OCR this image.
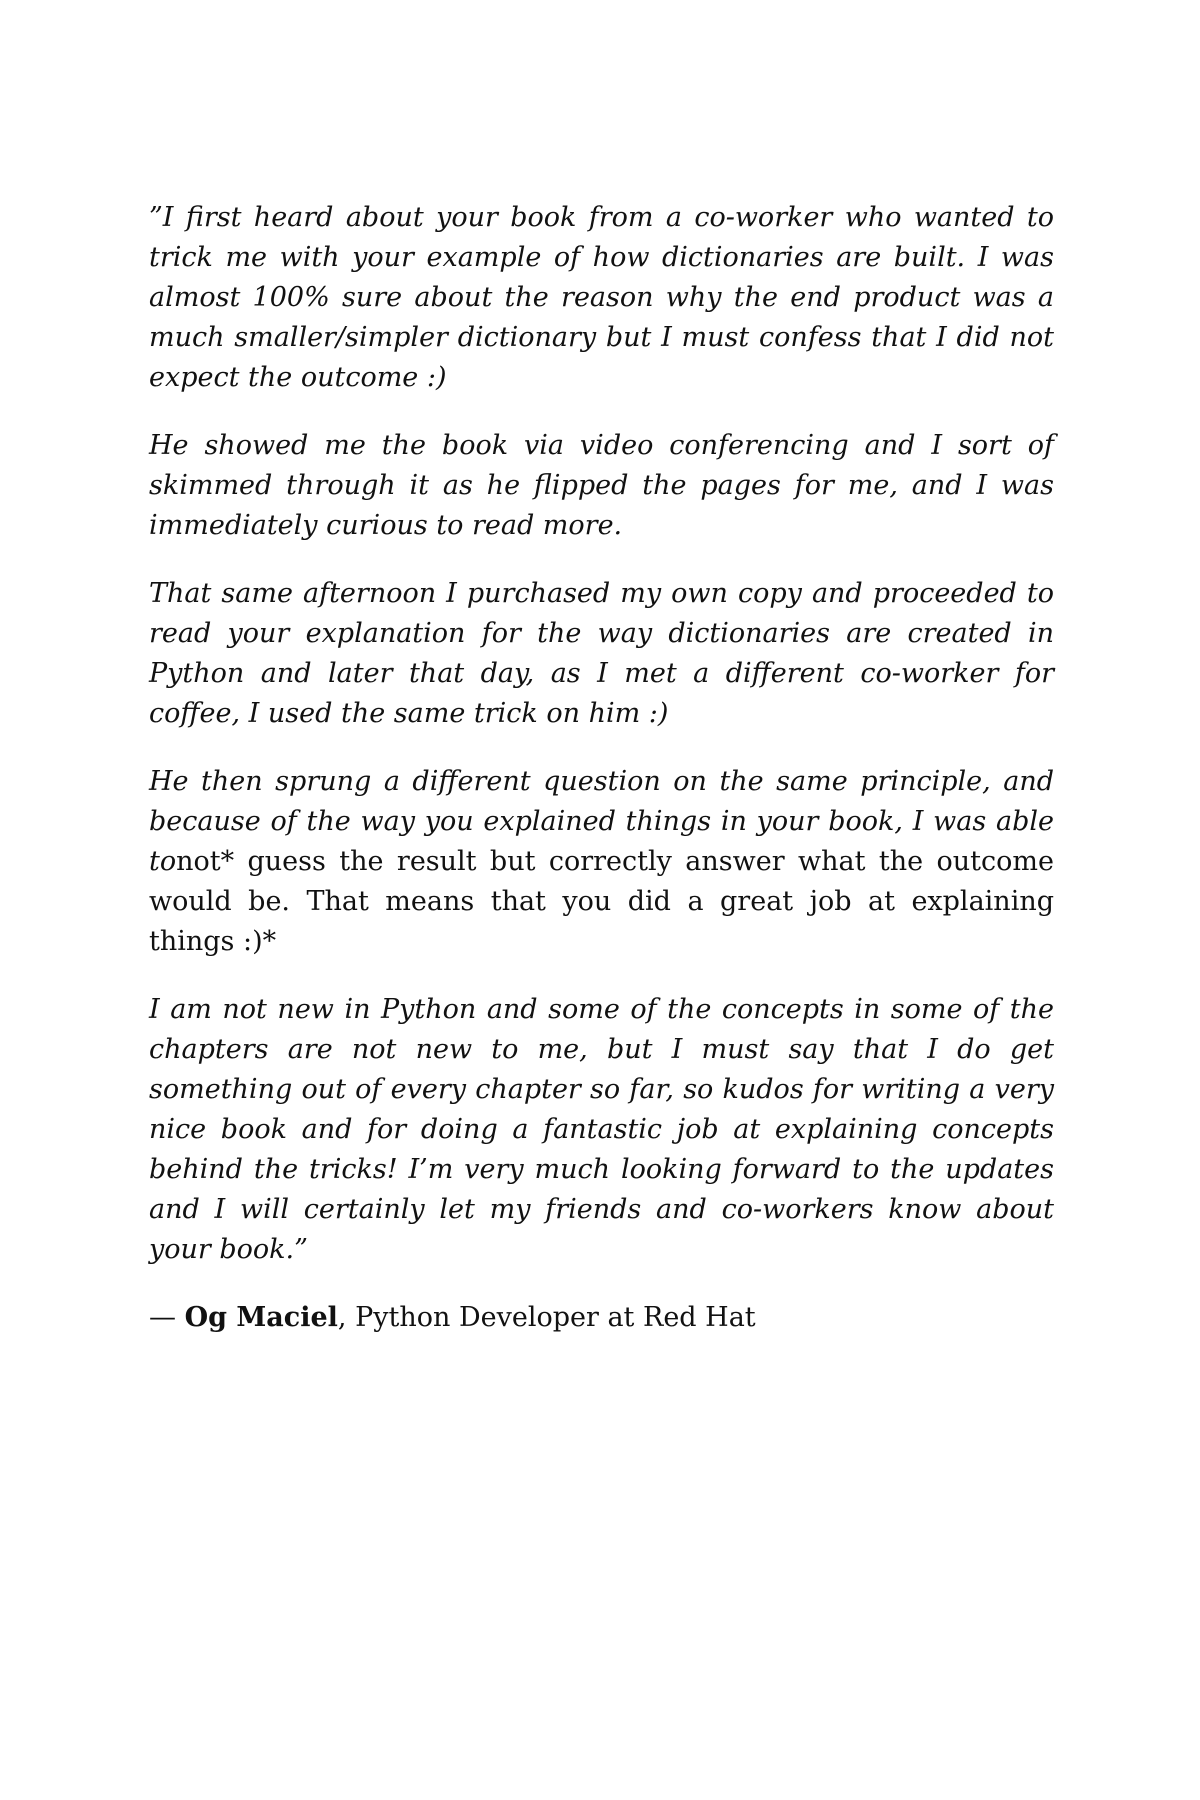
”I first heard about your book from a co-worker who wanted to trick me with your example of how dictionaries are built. I was almost 100% sure about the reason why the end product was a much smaller/simpler dictionary but I must confess that I did not expect the outcome :)

He showed me the book via video conferencing and I sort of skimmed through it as he flipped the pages for me, and I was immediately curious to read more.

That same afternoon I purchased my own copy and proceeded to read your explanation for the way dictionaries are created in Python and later that day, as I met a different co-worker for coffee, I used the same trick on him :)

He then sprung a different question on the same principle, and because of the way you explained things in your book, I was able tonot* guess the result but correctly answer what the outcome would be. That means that you did a great job at explaining things :)*

I am not new in Python and some of the concepts in some of the chapters are not new to me, but I must say that I do get something out of every chapter so far, so kudos for writing a very nice book and for doing a fantastic job at explaining concepts behind the tricks! I’m very much looking forward to the updates and I will certainly let my friends and co-workers know about your book.”

— Og Maciel, Python Developer at Red Hat
